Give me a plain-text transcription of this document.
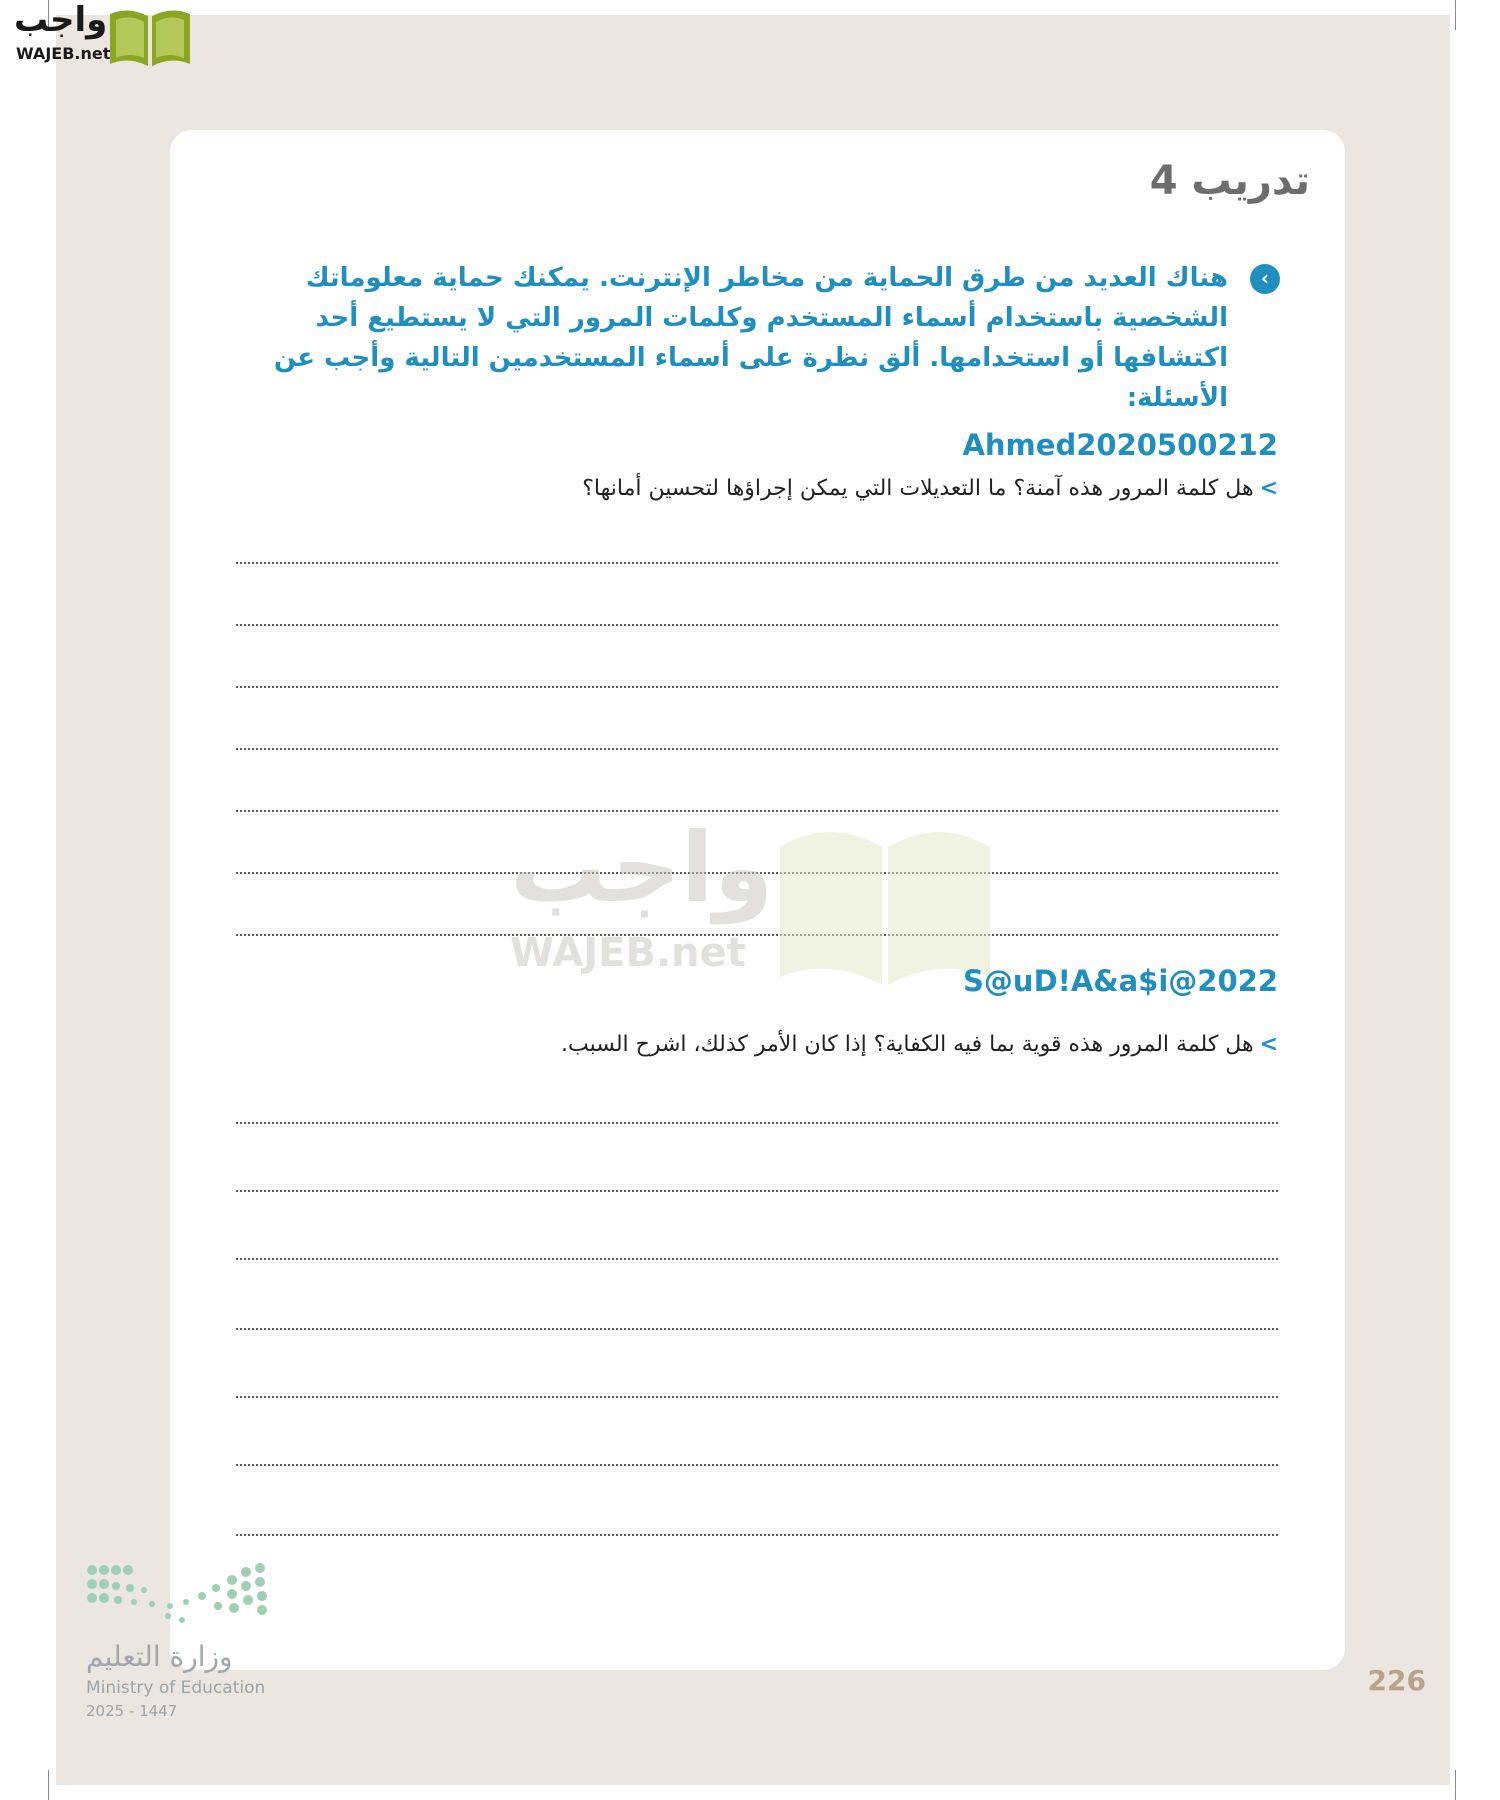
واجب
WAJEB.net
تدريب 4
‹
هناك العديد من طرق الحماية من مخاطر الإنترنت. يمكنك حماية معلوماتك الشخصية باستخدام أسماء المستخدم وكلمات المرور التي لا يستطيع أحد اكتشافها أو استخدامها. ألق نظرة على أسماء المستخدمين التالية وأجب عن الأسئلة:
Ahmed2020500212
>هل كلمة المرور هذه آمنة؟ ما التعديلات التي يمكن إجراؤها لتحسين أمانها؟
واجب
WAJEB.net
S@uD!A&a$i@2022
>هل كلمة المرور هذه قوية بما فيه الكفاية؟ إذا كان الأمر كذلك، اشرح السبب.
وزارة التعليم
Ministry of Education
2025 - 1447
226
